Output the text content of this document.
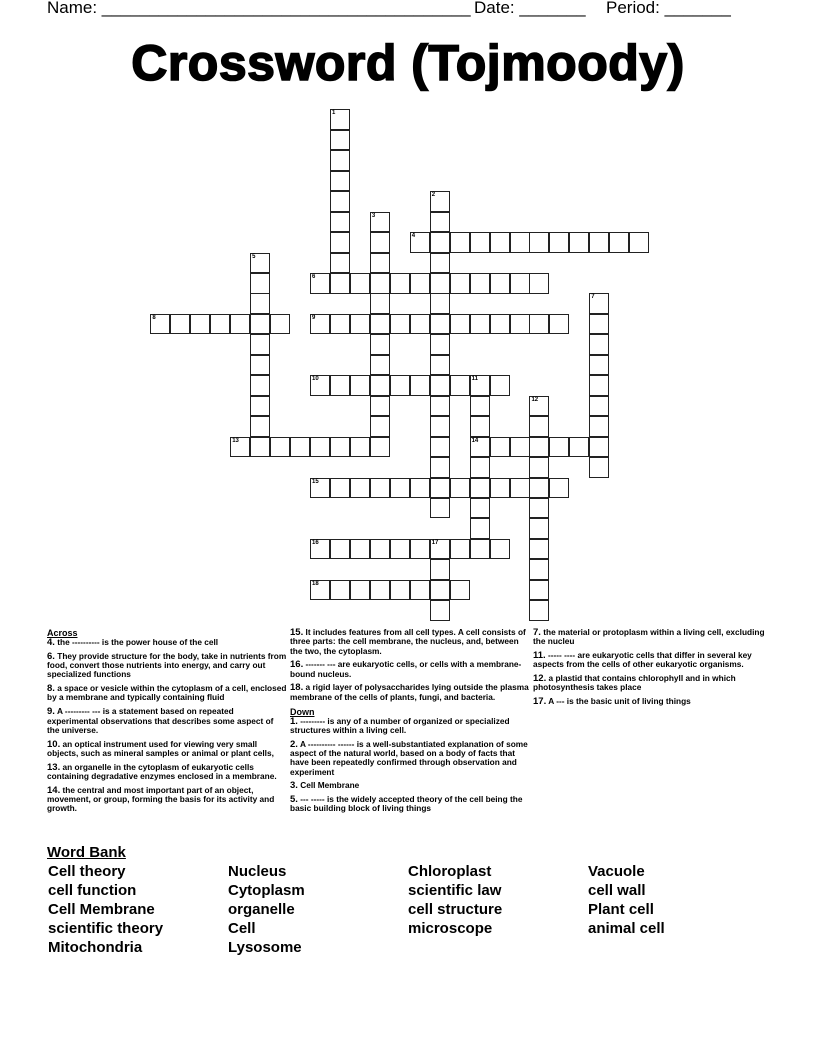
Name: _______________________________________ Date: _______ Period: _______
Crossword (Tojmoody)
1
2
3
4
5
6
7
8	9
10	11
14
12
13
15
16	17
18
Across
4. the ---------- is the power house of the cell
6. They provide structure for the body, take in nutrients from food, convert those nutrients into energy, and carry out specialized functions
8. a space or vesicle within the cytoplasm of a cell, enclosed by a membrane and typically containing fluid
9. A --------- --- is a statement based on repeated experimental observations that describes some aspect of the universe.
10. an optical instrument used for viewing very small objects, such as mineral samples or animal or plant cells,
13. an organelle in the cytoplasm of eukaryotic cells containing degradative enzymes enclosed in a membrane.
14. the central and most important part of an object, movement, or group, forming the basis for its activity and growth.
15. It includes features from all cell types. A cell consists of three parts: the cell membrane, the nucleus, and, between the two, the cytoplasm.
16. ------- --- are eukaryotic cells, or cells with a membrane-bound nucleus.
18. a rigid layer of polysaccharides lying outside the plasma membrane of the cells of plants, fungi, and bacteria.
Down
1. --------- is any of a number of organized or specialized structures within a living cell.
2. A ---------- ------ is a well-substantiated explanation of some aspect of the natural world, based on a body of facts that have been repeatedly confirmed through observation and experiment
3. Cell Membrane
5. --- ----- is the widely accepted theory of the cell being the basic building block of living things
7. the material or protoplasm within a living cell, excluding the nucleu
11. ----- ---- are eukaryotic cells that differ in several key aspects from the cells of other eukaryotic organisms.
12. a plastid that contains chlorophyll and in which photosynthesis takes place
17. A --- is the basic unit of living things
Word Bank
Cell theory
cell function
Cell Membrane
scientific theory
Mitochondria
Nucleus
Cytoplasm
organelle
Cell
Lysosome
Chloroplast
scientific law
cell structure
microscope
Vacuole
cell wall
Plant cell
animal cell
